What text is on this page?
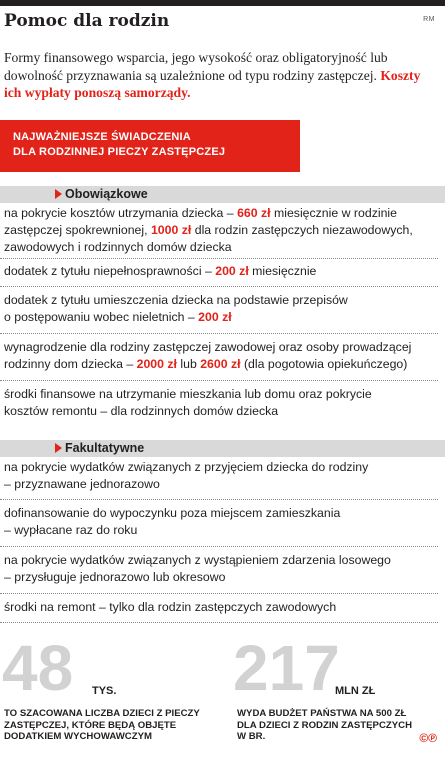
Pomoc dla rodzin	RM
Formy finansowego wsparcia, jego wysokość oraz obligatoryjność lub dowolność przyznawania są uzależnione od typu rodziny zastępczej. Koszty ich wypłaty ponoszą samorządy.
NAJWAŻNIEJSZE ŚWIADCZENIA
DLA RODZINNEJ PIECZY ZASTĘPCZEJ
Obowiązkowe
na pokrycie kosztów utrzymania dziecka – 660 zł miesięcznie w rodzinie
zastępczej spokrewnionej, 1000 zł dla rodzin zastępczych niezawodowych,
zawodowych i rodzinnych domów dziecka
dodatek z tytułu niepełnosprawności – 200 zł miesięcznie
dodatek z tytułu umieszczenia dziecka na podstawie przepisów
o postępowaniu wobec nieletnich – 200 zł
wynagrodzenie dla rodziny zastępczej zawodowej oraz osoby prowadzącej
rodzinny dom dziecka – 2000 zł lub 2600 zł (dla pogotowia opiekuńczego)
środki finansowe na utrzymanie mieszkania lub domu oraz pokrycie
kosztów remontu – dla rodzinnych domów dziecka
Fakultatywne
na pokrycie wydatków związanych z przyjęciem dziecka do rodziny
– przyznawane jednorazowo
dofinansowanie do wypoczynku poza miejscem zamieszkania
– wypłacane raz do roku
na pokrycie wydatków związanych z wystąpieniem zdarzenia losowego
– przysługuje jednorazowo lub okresowo
środki na remont – tylko dla rodzin zastępczych zawodowych
48 TYS.
TO SZACOWANA LICZBA DZIECI Z PIECZY
ZASTĘPCZEJ, KTÓRE BĘDĄ OBJĘTE
DODATKIEM WYCHOWAWCZYM
217
MLN ZŁ
WYDA BUDŻET PAŃSTWA NA 500 ZŁ
DLA DZIECI Z RODZIN ZASTĘPCZYCH
W BR.	©℗
